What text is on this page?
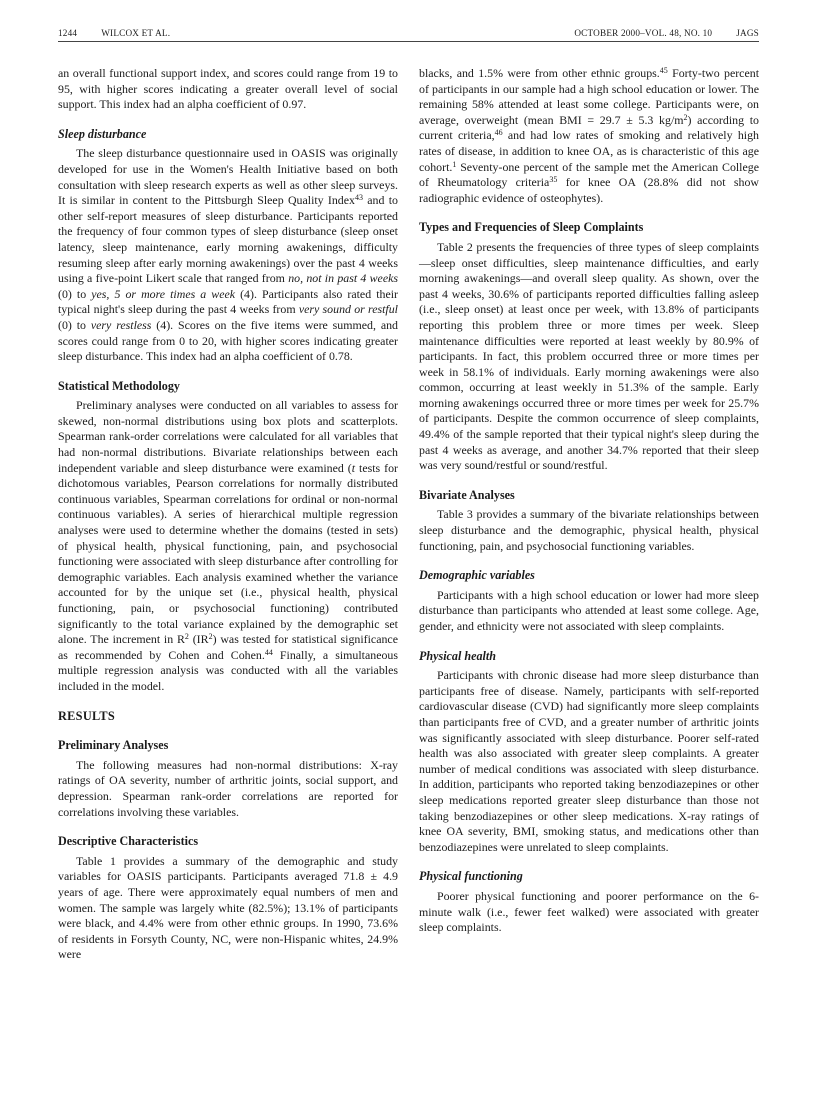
1244	WILCOX ET AL.	OCTOBER 2000–VOL. 48, NO. 10	JAGS

an overall functional support index, and scores could range from 19 to 95, with higher scores indicating a greater overall level of social support. This index had an alpha coefficient of 0.97.

Sleep disturbance

The sleep disturbance questionnaire used in OASIS was originally developed for use in the Women's Health Initiative based on both consultation with sleep research experts as well as other sleep surveys. It is similar in content to the Pittsburgh Sleep Quality Index$^{43}$ and to other self-report measures of sleep disturbance. Participants reported the frequency of four common types of sleep disturbance (sleep onset latency, sleep maintenance, early morning awakenings, difficulty resuming sleep after early morning awakenings) over the past 4 weeks using a five-point Likert scale that ranged from no, not in past 4 weeks (0) to yes, 5 or more times a week (4). Participants also rated their typical night's sleep during the past 4 weeks from very sound or restful (0) to very restless (4). Scores on the five items were summed, and scores could range from 0 to 20, with higher scores indicating greater sleep disturbance. This index had an alpha coefficient of 0.78.

Statistical Methodology

Preliminary analyses were conducted on all variables to assess for skewed, non-normal distributions using box plots and scatterplots. Spearman rank-order correlations were calculated for all variables that had non-normal distributions. Bivariate relationships between each independent variable and sleep disturbance were examined (t tests for dichotomous variables, Pearson correlations for normally distributed continuous variables, Spearman correlations for ordinal or non-normal continuous variables). A series of hierarchical multiple regression analyses were used to determine whether the domains (tested in sets) of physical health, physical functioning, pain, and psychosocial functioning were associated with sleep disturbance after controlling for demographic variables. Each analysis examined whether the variance accounted for by the unique set (i.e., physical health, physical functioning, pain, or psychosocial functioning) contributed significantly to the total variance explained by the demographic set alone. The increment in $R^2$ $(IR^2)$ was tested for statistical significance as recommended by Cohen and Cohen.$^{44}$ Finally, a simultaneous multiple regression analysis was conducted with all the variables included in the model.

RESULTS
Preliminary Analyses

The following measures had non-normal distributions: X-ray ratings of OA severity, number of arthritic joints, social support, and depression. Spearman rank-order correlations are reported for correlations involving these variables.

Descriptive Characteristics

Table 1 provides a summary of the demographic and study variables for OASIS participants. Participants averaged 71.8 ± 4.9 years of age. There were approximately equal numbers of men and women. The sample was largely white (82.5%); 13.1% of participants were black, and 4.4% were from other ethnic groups. In 1990, 73.6% of residents in Forsyth County, NC, were non-Hispanic whites, 24.9% were

blacks, and 1.5% were from other ethnic groups.$^{45}$ Forty-two percent of participants in our sample had a high school education or lower. The remaining 58% attended at least some college. Participants were, on average, overweight (mean BMI = 29.7 ± 5.3 $kg/m^2$) according to current criteria,$^{46}$ and had low rates of smoking and relatively high rates of disease, in addition to knee OA, as is characteristic of this age cohort.$^1$ Seventy-one percent of the sample met the American College of Rheumatology criteria$^{35}$ for knee OA (28.8% did not show radiographic evidence of osteophytes).

Types and Frequencies of Sleep Complaints

Table 2 presents the frequencies of three types of sleep complaints—sleep onset difficulties, sleep maintenance difficulties, and early morning awakenings—and overall sleep quality. As shown, over the past 4 weeks, 30.6% of participants reported difficulties falling asleep (i.e., sleep onset) at least once per week, with 13.8% of participants reporting this problem three or more times per week. Sleep maintenance difficulties were reported at least weekly by 80.9% of participants. In fact, this problem occurred three or more times per week in 58.1% of individuals. Early morning awakenings were also common, occurring at least weekly in 51.3% of the sample. Early morning awakenings occurred three or more times per week for 25.7% of participants. Despite the common occurrence of sleep complaints, 49.4% of the sample reported that their typical night's sleep during the past 4 weeks as average, and another 34.7% reported that their sleep was very sound/restful or sound/restful.

Bivariate Analyses

Table 3 provides a summary of the bivariate relationships between sleep disturbance and the demographic, physical health, physical functioning, pain, and psychosocial functioning variables.

Demographic variables

Participants with a high school education or lower had more sleep disturbance than participants who attended at least some college. Age, gender, and ethnicity were not associated with sleep complaints.

Physical health

Participants with chronic disease had more sleep disturbance than participants free of disease. Namely, participants with self-reported cardiovascular disease (CVD) had significantly more sleep complaints than participants free of CVD, and a greater number of arthritic joints was significantly associated with sleep disturbance. Poorer self-rated health was also associated with greater sleep complaints. A greater number of medical conditions was associated with sleep disturbance. In addition, participants who reported taking benzodiazepines or other sleep medications reported greater sleep disturbance than those not taking benzodiazepines or other sleep medications. X-ray ratings of knee OA severity, BMI, smoking status, and medications other than benzodiazepines were unrelated to sleep complaints.

Physical functioning

Poorer physical functioning and poorer performance on the 6-minute walk (i.e., fewer feet walked) were associated with greater sleep complaints.
